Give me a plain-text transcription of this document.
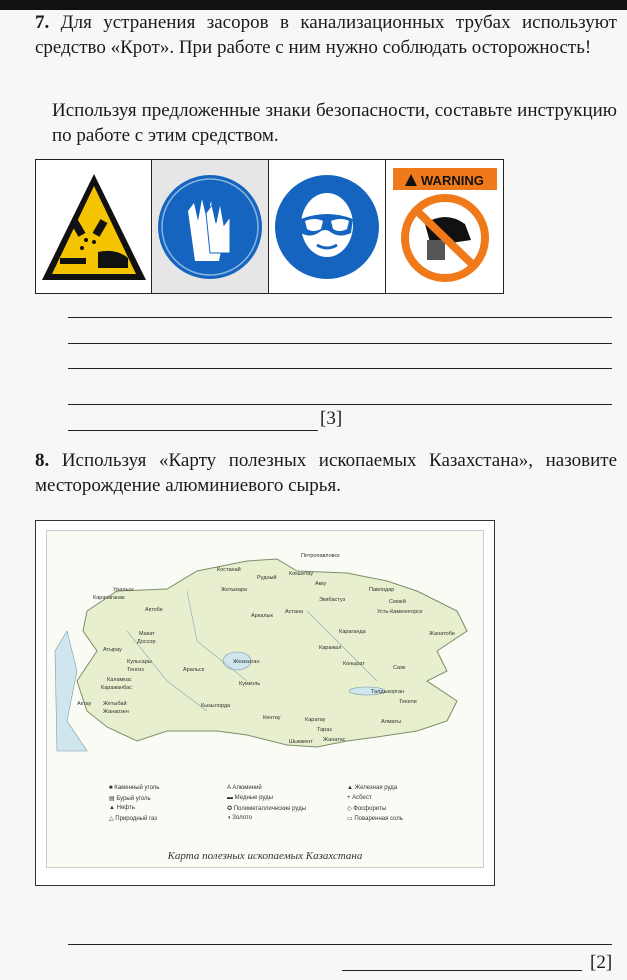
7. Для устранения засоров в канализационных трубах используют средство «Крот». При работе с ним нужно соблюдать осторожность!
Используя предложенные знаки безопасности, составьте инструкцию по работе с этим средством.
WARNING
[3]
8. Используя «Карту полезных ископаемых Казахстана», назовите месторождение алюминиевого сырья.
Петропавловск
Костанай
Рудный
Кокшетау
Акку
Жетыкара	Павлодар
Уральск
Карачаганак
Актобе
Экибастуз	Семей
Усть-Каменогорск
Аркалык
Астана
Караганда	Жанатобе
Макат
Доссор
Атырау	Каражал
Кульсары
Тенгиз	Аральск
Жезказган	Конырат
Саяк
Каламкас
Каражанбас
Кумколь
Талдыкорган
Текели
Актау Жетыбай
Жанаозен
Кызылорда
Алматы
Кентау	Каратау
Тараз
Шымкент Жанатас
■ Каменный уголь
▤ Бурый уголь
▲ Нефть
△ Природный газ
A Алюминий
▬ Медные руды
✪ Полиметаллические руды
◑ Золото
▲ Железная руда
+ Асбест
◇ Фосфориты
▭ Поваренная соль
Карта полезных ископаемых Казахстана
[2]
